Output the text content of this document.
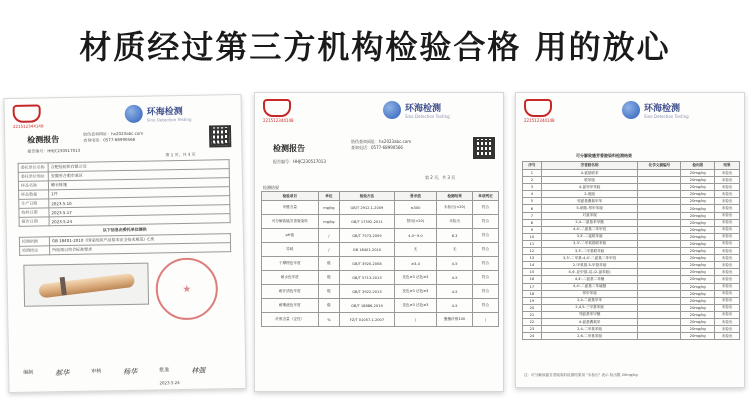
材质经过第三方机构检验合格 用的放心
221512344148
环海检测
Sino Detection Testing
检测报告
防伪查询网址：hx2023abc.com
查询电话：0577-68990566
报告编号：HHJC230517013
第 1 页，共 3 页
委托单位名称	合肥佳纺织有限公司
委托单位地址	安徽省合肥市某区
样品名称	睡衣帐篷
样品数量	1件
生产日期	2023.5.10
收样日期	2023.5.17
报告日期	2023.5.24
以下信息由委托单位提供
检测依据	GB 18401-2010《国家纺织产品基本安全技术规范》C类
检测结论	所检项目符合标准要求
编制	郝华	审核	杨华	批准	林强
2023.5.24
221512344148
环海检测
Sino Detection Testing
检测报告
防伪查询网址：hx2023abc.com
查询电话：0577-68990566
报告编号：HHJC230517013
第 2 页，共 3 页
检测结果
检验项目	单位	检验方法	要求值	检测结果	单项判定
甲醛含量	mg/kg	GB/T 2912.1-2009	≤300	未检出(<20)	符合
可分解致癌芳香胺染料	mg/kg	GB/T 17592-2011	禁用(<20)	未检出	符合
pH值	/	GB/T 7573-2009	4.0~9.0	6.3	符合
异味	/	GB 18401-2010	无	无	符合
干摩擦色牢度	级	GB/T 3920-2008	≥3-4	4-5	符合
耐水色牢度	级	GB/T 5713-2013	变色≥3 沾色≥3	4-5	符合
耐汗渍色牢度	级	GB/T 3922-2013	变色≥3 沾色≥3	4-5	符合
耐唾液色牢度	级	GB/T 18886-2019	变色≥3 沾色≥3	4-5	符合
纤维含量（定性）	%	FZ/T 01057.1-2007	/	聚酯纤维100	/
221512344148
环海检测
Sino Detection Testing
可分解致癌芳香胺染料检测结果
序号	芳香胺名称	化学文摘编号	检出限	结果
1	4-氨基联苯		20mg/kg	未检出
2	联苯胺		20mg/kg	未检出
3	4-氯邻甲苯胺		20mg/kg	未检出
4	2-萘胺		20mg/kg	未检出
5	邻氨基偶氮甲苯		20mg/kg	未检出
6	5-硝基-邻甲苯胺		20mg/kg	未检出
7	对氯苯胺		20mg/kg	未检出
8	2,4-二氨基苯甲醚		20mg/kg	未检出
9	4,4'-二氨基二苯甲烷		20mg/kg	未检出
10	3,3'-二氯联苯胺		20mg/kg	未检出
11	3,3'-二甲氧基联苯胺		20mg/kg	未检出
12	3,3'-二甲基联苯胺		20mg/kg	未检出
13	3,3'-二甲基-4,4'-二氨基二苯甲烷		20mg/kg	未检出
14	2-甲氧基-5-甲基苯胺		20mg/kg	未检出
15	4,4'-亚甲基-双-(2-氯苯胺)		20mg/kg	未检出
16	4,4'-二氨基二苯醚		20mg/kg	未检出
17	4,4'-二氨基二苯硫醚		20mg/kg	未检出
18	邻甲苯胺		20mg/kg	未检出
19	2,4-二氨基甲苯		20mg/kg	未检出
20	2,4,5-三甲基苯胺		20mg/kg	未检出
21	邻氨基苯甲醚		20mg/kg	未检出
22	4-氨基偶氮苯		20mg/kg	未检出
23	2,4-二甲基苯胺		20mg/kg	未检出
24	2,6-二甲基苯胺		20mg/kg	未检出
注：可分解致癌芳香胺染料检测结果用 "未检出" 表示 检出限 20mg/kg
